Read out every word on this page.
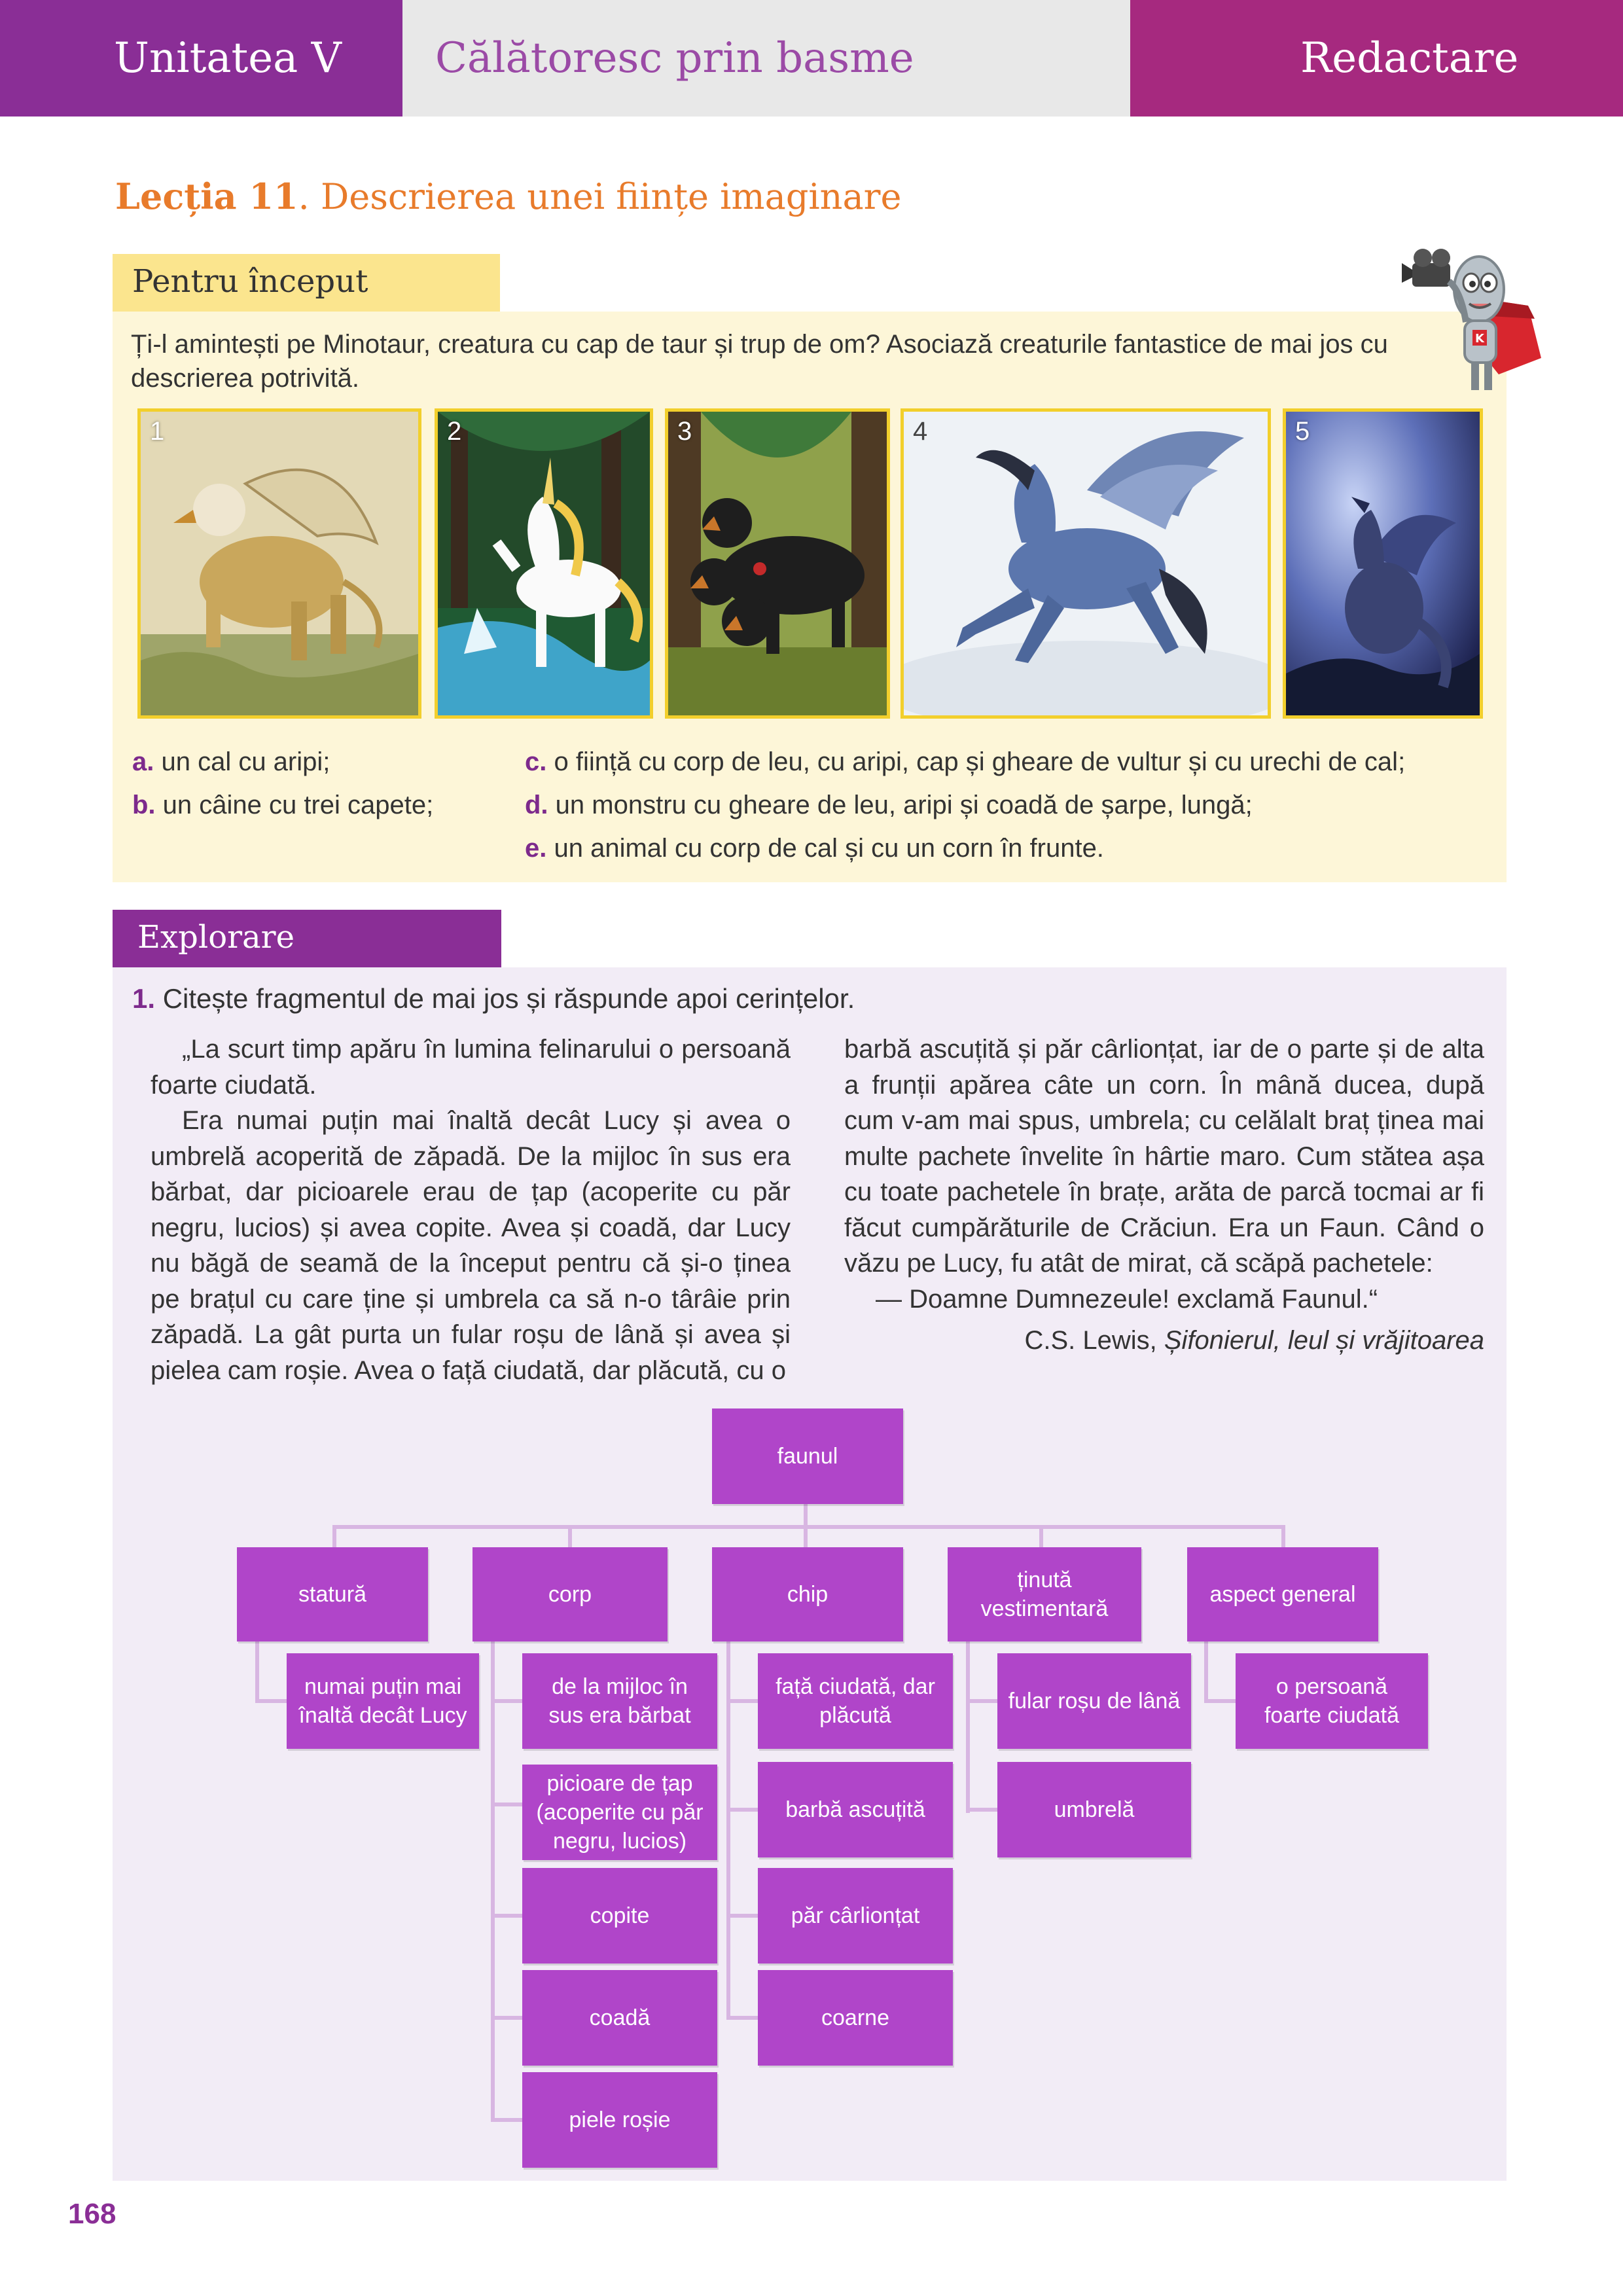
Unitatea V Călătoresc prin basme	Redactare
Lecția 11. Descrierea unei ființe imaginare
Pentru început
K
Ți-l amintești pe Minotaur, creatura cu cap de taur și trup de om? Asociază creaturile fantastice de mai jos cu descrierea potrivită.
1	2	3	4	5
a. un cal cu aripi;
b. un câine cu trei capete;
c. o ființă cu corp de leu, cu aripi, cap și gheare de vultur și cu urechi de cal;
d. un monstru cu gheare de leu, aripi și coadă de șarpe, lungă;
e. un animal cu corp de cal și cu un corn în frunte.
Explorare
1. Citește fragmentul de mai jos și răspunde apoi cerințelor.

„La scurt timp apăru în lumina felinarului o persoană foarte ciudată.

Era numai puțin mai înaltă decât Lucy și avea o umbrelă acoperită de zăpadă. De la mijloc în sus era bărbat, dar picioarele erau de țap (acoperite cu păr negru, lucios) și avea copite. Avea și coadă, dar Lucy nu băgă de seamă de la început pentru că și-o ținea pe brațul cu care ține și umbrela ca să n-o târâie prin zăpadă. La gât purta un fular roșu de lână și avea și pielea cam roșie. Avea o față ciudată, dar plăcută, cu o

barbă ascuțită și păr cârlionțat, iar de o parte și de alta a frunții apărea câte un corn. În mână ducea, după cum v-am mai spus, umbrela; cu celălalt braț ținea mai multe pachete învelite în hârtie maro. Cum stătea așa cu toate pachetele în brațe, arăta de parcă tocmai ar fi făcut cumpărăturile de Crăciun. Era un Faun. Când o văzu pe Lucy, fu atât de mirat, că scăpă pachetele:

— Doamne Dumnezeule! exclamă Faunul.“

C.S. Lewis, Șifonierul, leul și vrăjitoarea
faunul
statură	corp	chip
ținută vestimentară
aspect general
numai puțin mai înaltă decât Lucy
de la mijloc în sus era bărbat
picioare de țap (acoperite cu păr negru, lucios)
copite
coadă
piele roșie
față ciudată, dar plăcută
barbă ascuțită
păr cârlionțat
coarne
fular roșu de lână
umbrelă
o persoană foarte ciudată
168
